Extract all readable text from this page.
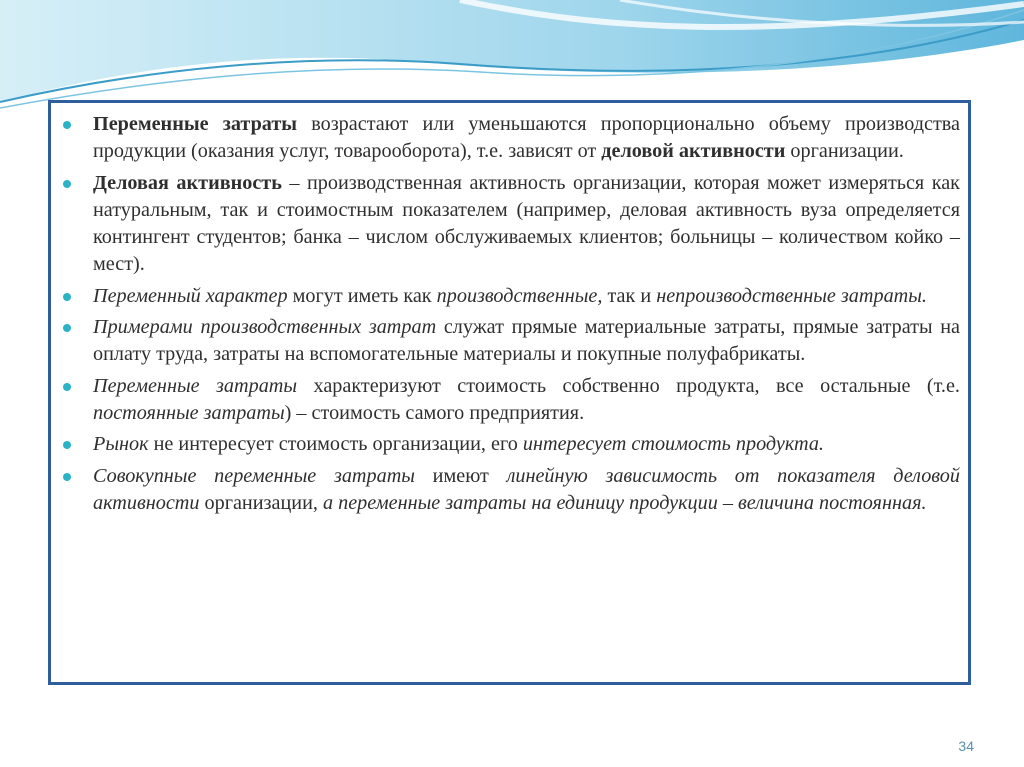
Переменные затраты возрастают или уменьшаются пропорционально объему производства продукции (оказания услуг, товарооборота), т.е. зависят от деловой активности организации.
Деловая активность – производственная активность организации, которая может измеряться как натуральным, так и стоимостным показателем (например, деловая активность вуза определяется контингент студентов; банка – числом обслуживаемых клиентов; больницы – количеством койко – мест).
Переменный характер могут иметь как производственные, так и непроизводственные затраты.
Примерами производственных затрат служат прямые материальные затраты, прямые затраты на оплату труда, затраты на вспомогательные материалы и покупные полуфабрикаты.
Переменные затраты характеризуют стоимость собственно продукта, все остальные (т.е. постоянные затраты) – стоимость самого предприятия.
Рынок не интересует стоимость организации, его интересует стоимость продукта.
Совокупные переменные затраты имеют линейную зависимость от показателя деловой активности организации, а переменные затраты на единицу продукции – величина постоянная.
34
